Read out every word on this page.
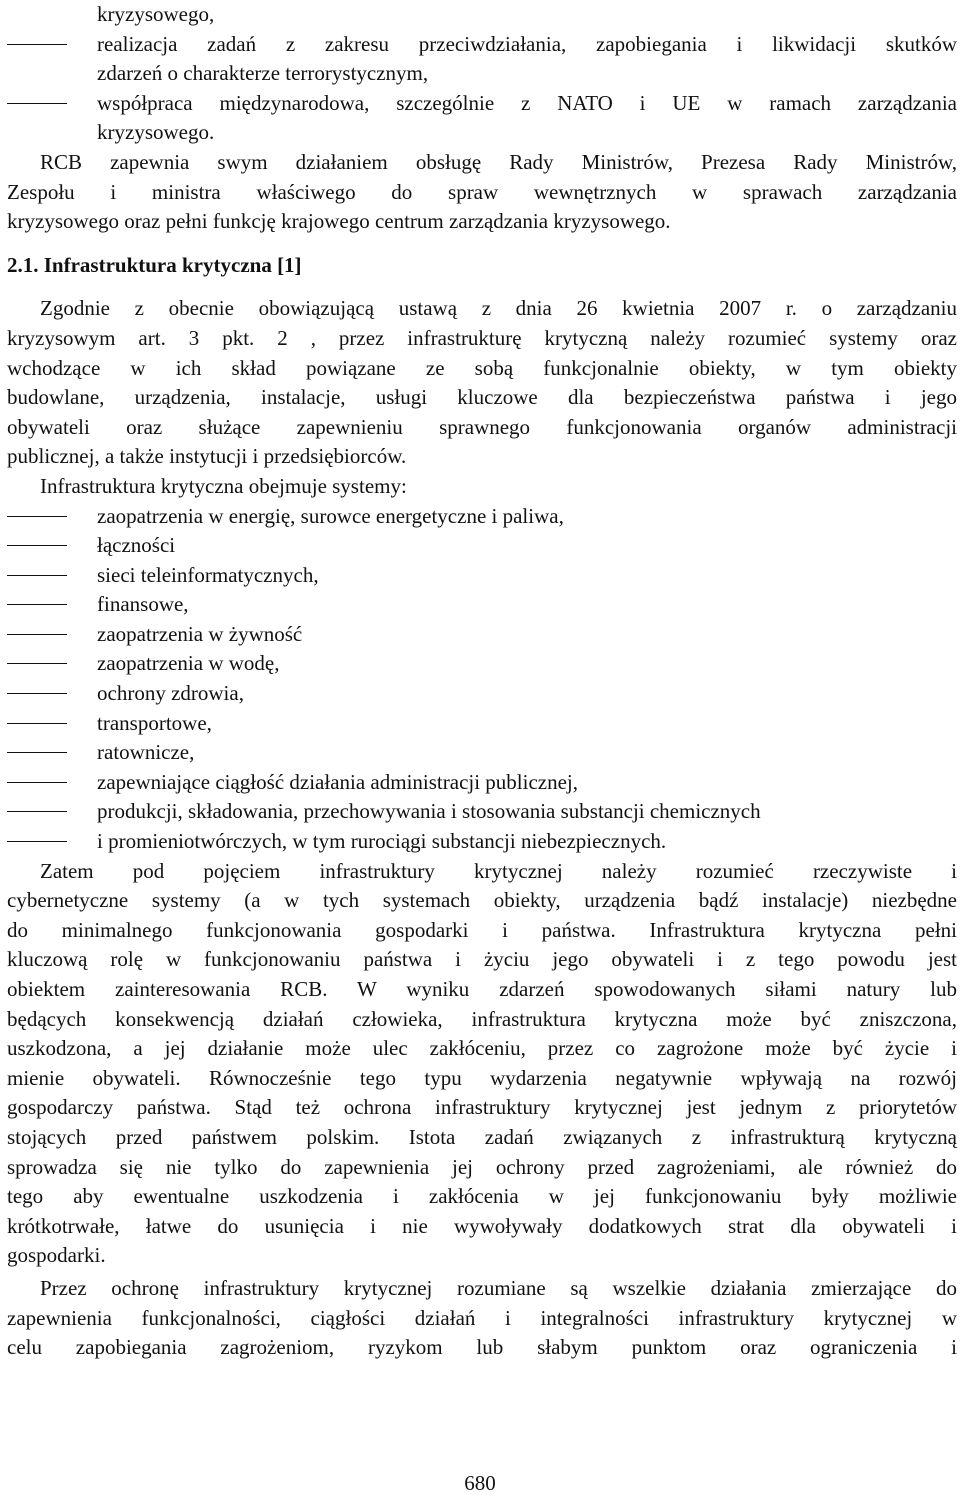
kryzysowego,
realizacja zadań z zakresu przeciwdziałania, zapobiegania i likwidacji skutków
zdarzeń o charakterze terrorystycznym,
współpraca międzynarodowa, szczególnie z NATO i UE w ramach zarządzania
kryzysowego.
RCB zapewnia swym działaniem obsługę Rady Ministrów, Prezesa Rady Ministrów,
Zespołu i ministra właściwego do spraw wewnętrznych w sprawach zarządzania
kryzysowego oraz pełni funkcję krajowego centrum zarządzania kryzysowego.
2.1. Infrastruktura krytyczna [1]
Zgodnie z obecnie obowiązującą ustawą z dnia 26 kwietnia 2007 r. o zarządzaniu
kryzysowym art. 3 pkt. 2 , przez infrastrukturę krytyczną należy rozumieć systemy oraz
wchodzące w ich skład powiązane ze sobą funkcjonalnie obiekty, w tym obiekty
budowlane, urządzenia, instalacje, usługi kluczowe dla bezpieczeństwa państwa i jego
obywateli oraz służące zapewnieniu sprawnego funkcjonowania organów administracji
publicznej, a także instytucji i przedsiębiorców.
Infrastruktura krytyczna obejmuje systemy:
zaopatrzenia w energię, surowce energetyczne i paliwa,
łączności
sieci teleinformatycznych,
finansowe,
zaopatrzenia w żywność
zaopatrzenia w wodę,
ochrony zdrowia,
transportowe,
ratownicze,
zapewniające ciągłość działania administracji publicznej,
produkcji, składowania, przechowywania i stosowania substancji chemicznych
i promieniotwórczych, w tym rurociągi substancji niebezpiecznych.
Zatem pod pojęciem infrastruktury krytycznej należy rozumieć rzeczywiste i
cybernetyczne systemy (a w tych systemach obiekty, urządzenia bądź instalacje) niezbędne
do minimalnego funkcjonowania gospodarki i państwa. Infrastruktura krytyczna pełni
kluczową rolę w funkcjonowaniu państwa i życiu jego obywateli i z tego powodu jest
obiektem zainteresowania RCB. W wyniku zdarzeń spowodowanych siłami natury lub
będących konsekwencją działań człowieka, infrastruktura krytyczna może być zniszczona,
uszkodzona, a jej działanie może ulec zakłóceniu, przez co zagrożone może być życie i
mienie obywateli. Równocześnie tego typu wydarzenia negatywnie wpływają na rozwój
gospodarczy państwa. Stąd też ochrona infrastruktury krytycznej jest jednym z priorytetów
stojących przed państwem polskim. Istota zadań związanych z infrastrukturą krytyczną
sprowadza się nie tylko do zapewnienia jej ochrony przed zagrożeniami, ale również do
tego aby ewentualne uszkodzenia i zakłócenia w jej funkcjonowaniu były możliwie
krótkotrwałe, łatwe do usunięcia i nie wywoływały dodatkowych strat dla obywateli i
gospodarki.
Przez ochronę infrastruktury krytycznej rozumiane są wszelkie działania zmierzające do
zapewnienia funkcjonalności, ciągłości działań i integralności infrastruktury krytycznej w
celu zapobiegania zagrożeniom, ryzykom lub słabym punktom oraz ograniczenia i
680
